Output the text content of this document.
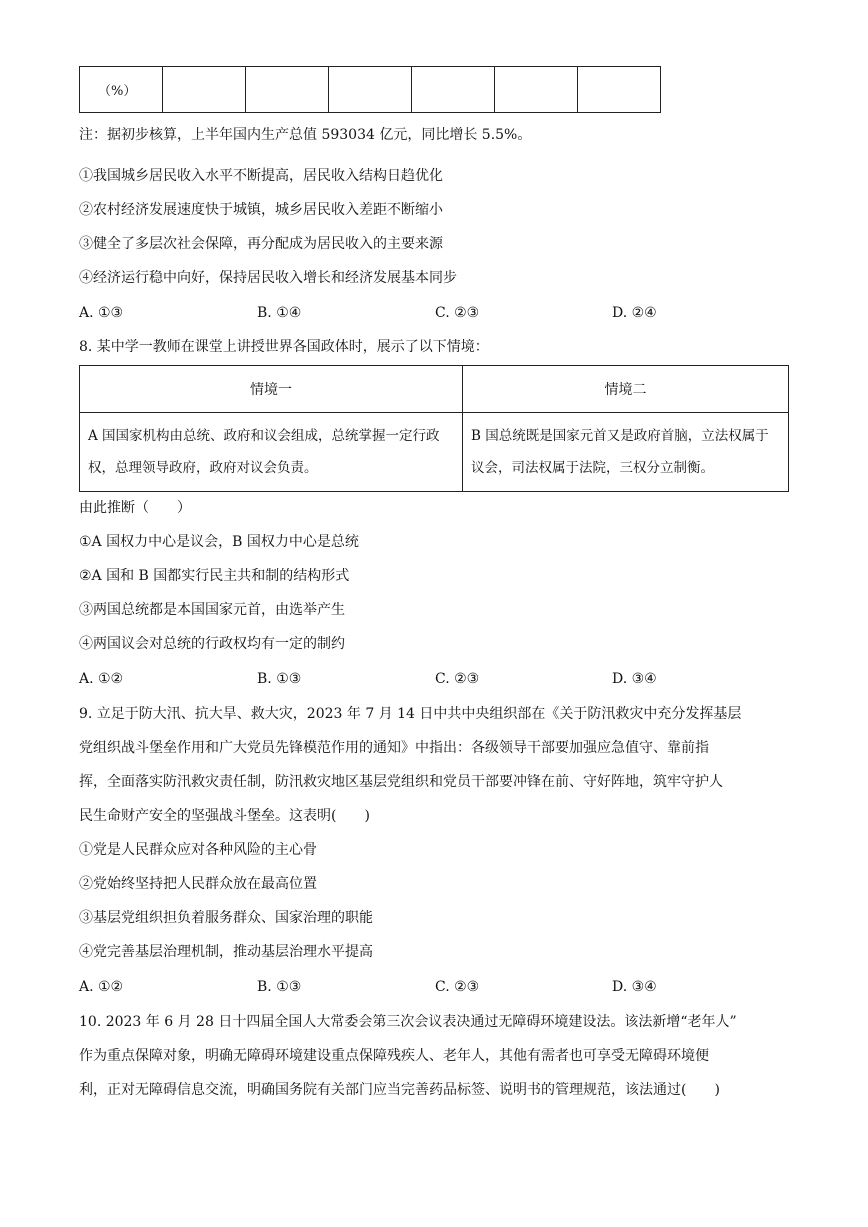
（%）						
注：据初步核算，上半年国内生产总值 593034 亿元，同比增长 5.5%。
①我国城乡居民收入水平不断提高，居民收入结构日趋优化
②农村经济发展速度快于城镇，城乡居民收入差距不断缩小
③健全了多层次社会保障，再分配成为居民收入的主要来源
④经济运行稳中向好，保持居民收入增长和经济发展基本同步
A. ①③	B. ①④	C. ②③	D. ②④
8. 某中学一教师在课堂上讲授世界各国政体时，展示了以下情境：
情境一	情境二
A 国国家机构由总统、政府和议会组成，总统掌握一定行政权，总理领导政府，政府对议会负责。	B 国总统既是国家元首又是政府首脑，立法权属于议会，司法权属于法院，三权分立制衡。
由此推断（　　）
①A 国权力中心是议会，B 国权力中心是总统
②A 国和 B 国都实行民主共和制的结构形式
③两国总统都是本国国家元首，由选举产生
④两国议会对总统的行政权均有一定的制约
A. ①②	B. ①③	C. ②③	D. ③④
9. 立足于防大汛、抗大旱、救大灾，2023 年 7 月 14 日中共中央组织部在《关于防汛救灾中充分发挥基层
党组织战斗堡垒作用和广大党员先锋模范作用的通知》中指出：各级领导干部要加强应急值守、靠前指
挥，全面落实防汛救灾责任制，防汛救灾地区基层党组织和党员干部要冲锋在前、守好阵地，筑牢守护人
民生命财产安全的坚强战斗堡垒。这表明(　　)
①党是人民群众应对各种风险的主心骨
②党始终坚持把人民群众放在最高位置
③基层党组织担负着服务群众、国家治理的职能
④党完善基层治理机制，推动基层治理水平提高
A. ①②	B. ①③	C. ②③	D. ③④
10. 2023 年 6 月 28 日十四届全国人大常委会第三次会议表决通过无障碍环境建设法。该法新增“老年人”
作为重点保障对象，明确无障碍环境建设重点保障残疾人、老年人，其他有需者也可享受无障碍环境便
利，正对无障碍信息交流，明确国务院有关部门应当完善药品标签、说明书的管理规范，该法通过(　　)
